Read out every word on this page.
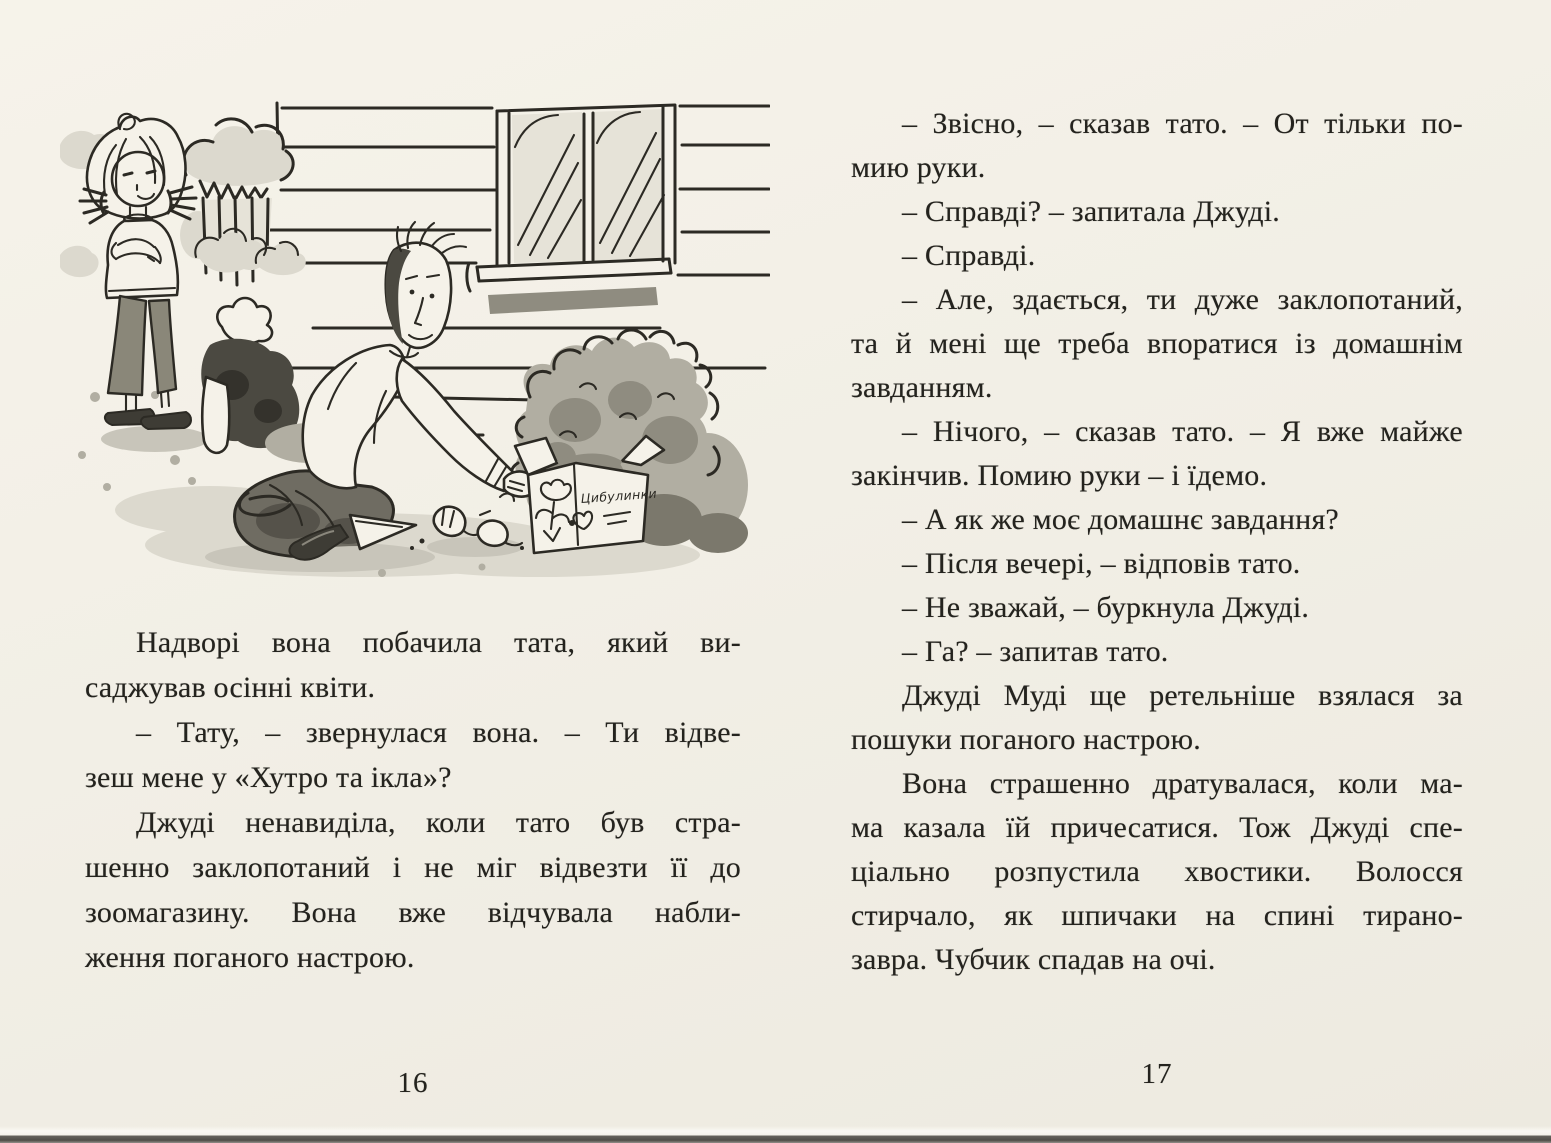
Цибулинки
Надворі вона побачила тата, який ви-
саджував осінні квіти.
– Тату, – звернулася вона. – Ти відве-
зеш мене у «Хутро та ікла»?
Джуді ненавиділа, коли тато був стра-
шенно заклопотаний і не міг відвезти її до
зоомагазину. Вона вже відчувала набли-
ження поганого настрою.
16
– Звісно, – сказав тато. – От тільки по-
мию руки.
– Справді? – запитала Джуді.
– Справді.
– Але, здається, ти дуже заклопотаний,
та й мені ще треба впоратися із домашнім
завданням.
– Нічого, – сказав тато. – Я вже майже
закінчив. Помию руки – і їдемо.
– А як же моє домашнє завдання?
– Після вечері, – відповів тато.
– Не зважай, – буркнула Джуді.
– Га? – запитав тато.
Джуді Муді ще ретельніше взялася за
пошуки поганого настрою.
Вона страшенно дратувалася, коли ма-
ма казала їй причесатися. Тож Джуді спе-
ціально розпустила хвостики. Волосся
стирчало, як шпичаки на спині тирано-
завра. Чубчик спадав на очі.
17
